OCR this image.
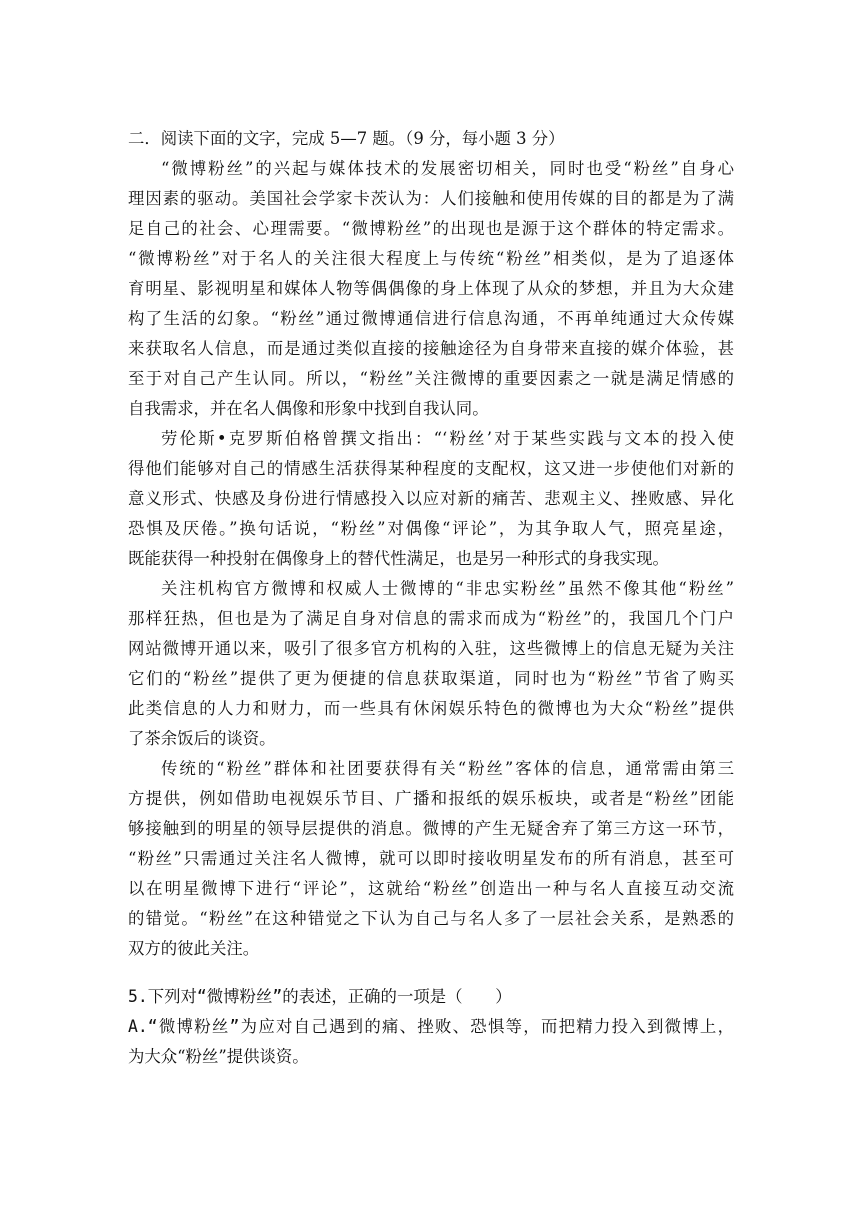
二．阅读下面的文字，完成 5—7 题。（9 分，每小题 3 分）
“微博粉丝”的兴起与媒体技术的发展密切相关，同时也受“粉丝”自身心
理因素的驱动。美国社会学家卡茨认为：人们接触和使用传媒的目的都是为了满
足自己的社会、心理需要。“微博粉丝”的出现也是源于这个群体的特定需求。
“微博粉丝”对于名人的关注很大程度上与传统“粉丝”相类似，是为了追逐体
育明星、影视明星和媒体人物等偶偶像的身上体现了从众的梦想，并且为大众建
构了生活的幻象。“粉丝”通过微博通信进行信息沟通，不再单纯通过大众传媒
来获取名人信息，而是通过类似直接的接触途径为自身带来直接的媒介体验，甚
至于对自己产生认同。所以，“粉丝”关注微博的重要因素之一就是满足情感的
自我需求，并在名人偶像和形象中找到自我认同。
劳伦斯•克罗斯伯格曾撰文指出：“‘粉丝’对于某些实践与文本的投入使
得他们能够对自己的情感生活获得某种程度的支配权，这又进一步使他们对新的
意义形式、快感及身份进行情感投入以应对新的痛苦、悲观主义、挫败感、异化
恐惧及厌倦。”换句话说，“粉丝”对偶像“评论”，为其争取人气，照亮星途，
既能获得一种投射在偶像身上的替代性满足，也是另一种形式的身我实现。
关注机构官方微博和权威人士微博的“非忠实粉丝”虽然不像其他“粉丝”
那样狂热，但也是为了满足自身对信息的需求而成为“粉丝”的，我国几个门户
网站微博开通以来，吸引了很多官方机构的入驻，这些微博上的信息无疑为关注
它们的“粉丝”提供了更为便捷的信息获取渠道，同时也为“粉丝”节省了购买
此类信息的人力和财力，而一些具有休闲娱乐特色的微博也为大众“粉丝”提供
了茶余饭后的谈资。
传统的“粉丝”群体和社团要获得有关“粉丝”客体的信息，通常需由第三
方提供，例如借助电视娱乐节目、广播和报纸的娱乐板块，或者是“粉丝”团能
够接触到的明星的领导层提供的消息。微博的产生无疑舍弃了第三方这一环节，
“粉丝”只需通过关注名人微博，就可以即时接收明星发布的所有消息，甚至可
以在明星微博下进行“评论”，这就给“粉丝”创造出一种与名人直接互动交流
的错觉。“粉丝”在这种错觉之下认为自己与名人多了一层社会关系，是熟悉的
双方的彼此关注。
5.下列对“微博粉丝”的表述，正确的一项是（　　）
A.“微博粉丝”为应对自己遇到的痛、挫败、恐惧等，而把精力投入到微博上，
为大众“粉丝”提供谈资。
